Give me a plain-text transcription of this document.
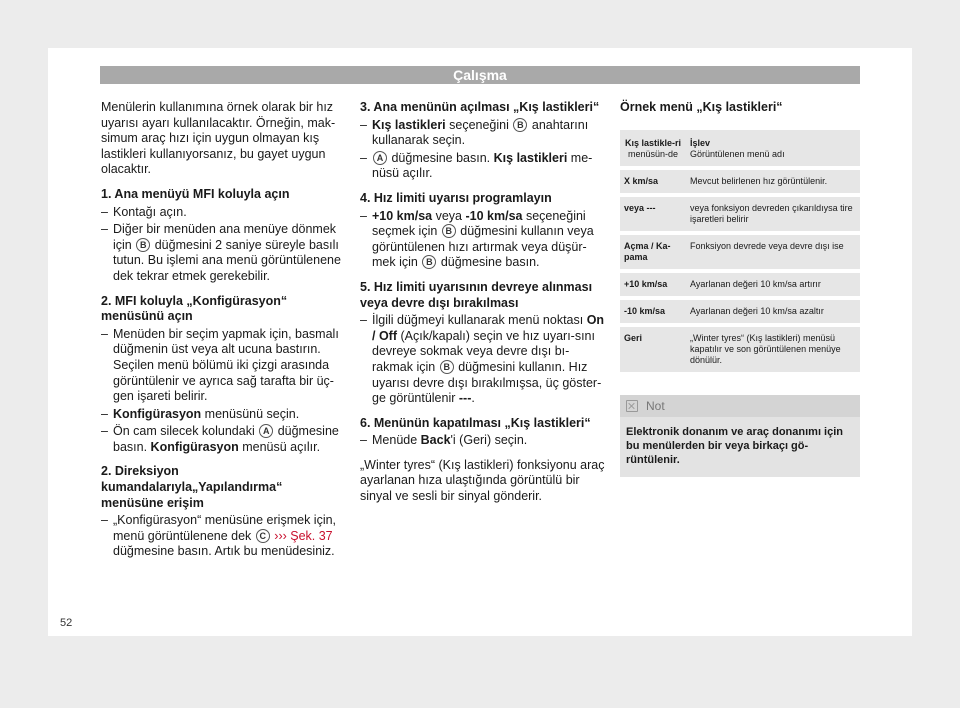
Çalışma

Menülerin kullanımına örnek olarak bir hız uyarısı ayarı kullanılacaktır. Örneğin, mak-simum araç hızı için uygun olmayan kış lastikleri kullanıyorsanız, bu gayet uygun olacaktır.

1. Ana menüyü MFI koluyla açın
– Kontağı açın.
– Diğer bir menüden ana menüye dönmek için B düğmesini 2 saniye süreyle basılı tutun. Bu işlemi ana menü görüntülenene dek tekrar etmek gerekebilir.
2. MFI koluyla „Konfigürasyon“ menüsünü açın
– Menüden bir seçim yapmak için, basmalı düğmenin üst veya alt ucuna bastırın. Seçilen menü bölümü iki çizgi arasında görüntülenir ve ayrıca sağ tarafta bir üç-gen işareti belirir.
– Konfigürasyon menüsünü seçin.
– Ön cam silecek kolundaki A düğmesine basın. Konfigürasyon menüsü açılır.
2. Direksiyon kumandalarıyla„Yapılandırma“ menüsüne erişim
– „Konfigürasyon“ menüsüne erişmek için, menü görüntülenene dek C ››› Şek. 37 düğmesine basın. Artık bu menüdesiniz.
3. Ana menünün açılması „Kış lastikleri“
– Kış lastikleri seçeneğini B anahtarını kullanarak seçin.
– A düğmesine basın. Kış lastikleri me-nüsü açılır.
4. Hız limiti uyarısı programlayın
– +10 km/sa veya -10 km/sa seçeneğini seçmek için B düğmesini kullanın veya görüntülenen hızı artırmak veya düşür-mek için B düğmesine basın.
5. Hız limiti uyarısının devreye alınması veya devre dışı bırakılması
– İlgili düğmeyi kullanarak menü noktası On / Off (Açık/kapalı) seçin ve hız uyarı-sını devreye sokmak veya devre dışı bı-rakmak için B düğmesini kullanın. Hız uyarısı devre dışı bırakılmışsa, üç göster-ge görüntülenir ---.
6. Menünün kapatılması „Kış lastikleri“
– Menüde Back'i (Geri) seçin.

„Winter tyres“ (Kış lastikleri) fonksiyonu araç ayarlanan hıza ulaştığında görüntülü bir sinyal ve sesli bir sinyal gönderir.

Örnek menü „Kış lastikleri“
Kış lastikle-ri menüsün-de	İşlev
Görüntülenen menü adı

X km/sa	Mevcut belirlenen hız görüntülenir.
veya ---	veya fonksiyon devreden çıkarıldıysa tire işaretleri belirir
Açma / Ka-pama	Fonksiyon devrede veya devre dışı ise
+10 km/sa	Ayarlanan değeri 10 km/sa artırır
-10 km/sa	Ayarlanan değeri 10 km/sa azaltır
Geri	„Winter tyres“ (Kış lastikleri) menüsü kapatılır ve son görüntülenen menüye dönülür.
Not
Elektronik donanım ve araç donanımı için bu menülerden bir veya birkaçı gö-rüntülenir.
52
